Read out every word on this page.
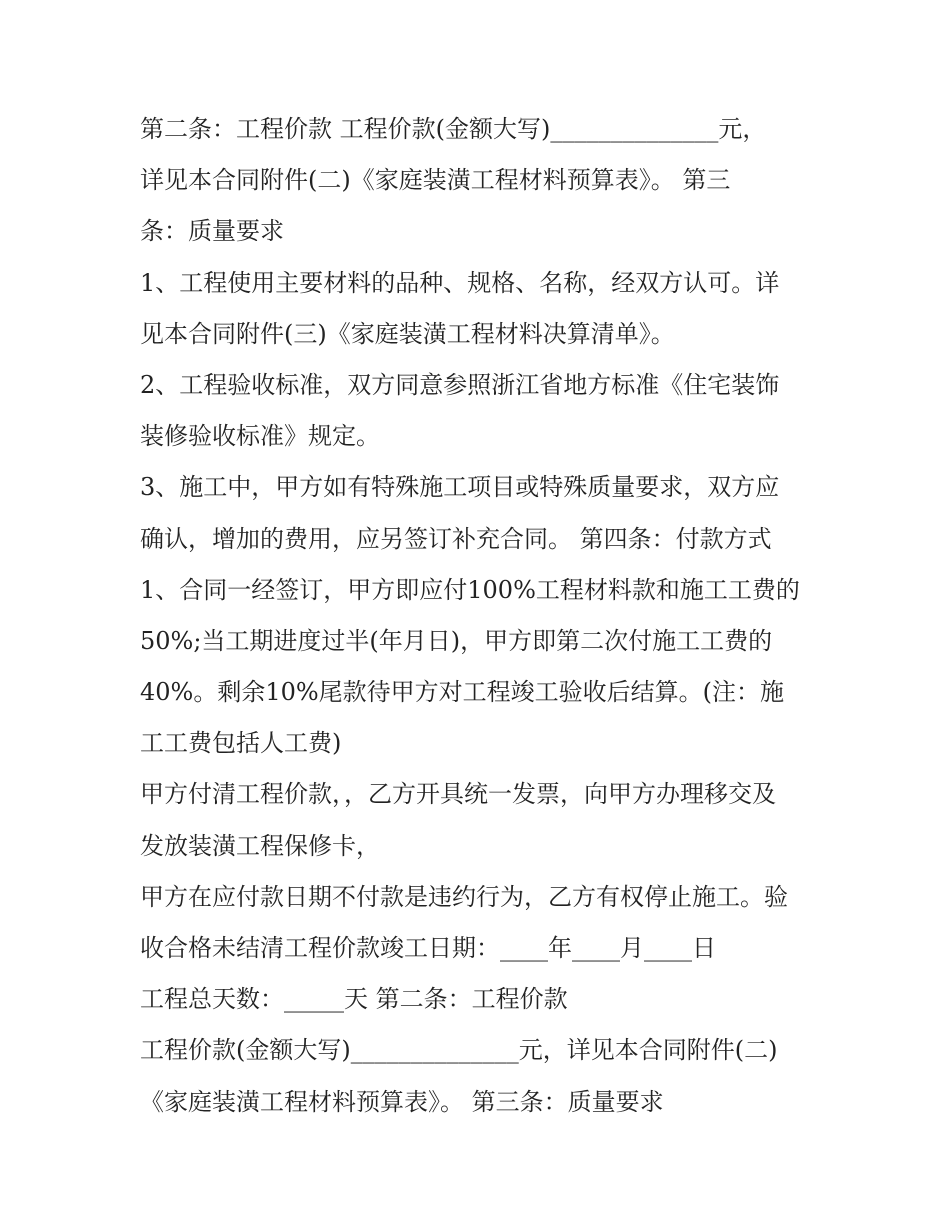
第二条：工程价款 工程价款(金额大写)______________元，
详见本合同附件(二)《家庭装潢工程材料预算表》。 第三
条：质量要求
1、工程使用主要材料的品种、规格、名称，经双方认可。详
见本合同附件(三)《家庭装潢工程材料决算清单》。
2、工程验收标准，双方同意参照浙江省地方标准《住宅装饰
装修验收标准》规定。
3、施工中，甲方如有特殊施工项目或特殊质量要求，双方应
确认，增加的费用，应另签订补充合同。 第四条：付款方式
1、合同一经签订，甲方即应付100%工程材料款和施工工费的
50%;当工期进度过半(年月日)，甲方即第二次付施工工费的
40%。剩余10%尾款待甲方对工程竣工验收后结算。(注：施
工工费包括人工费)
甲方付清工程价款，，乙方开具统一发票，向甲方办理移交及
发放装潢工程保修卡，
甲方在应付款日期不付款是违约行为，乙方有权停止施工。验
收合格未结清工程价款竣工日期：____年____月____日
工程总天数：_____天 第二条：工程价款
工程价款(金额大写)______________元，详见本合同附件(二)
《家庭装潢工程材料预算表》。 第三条：质量要求
